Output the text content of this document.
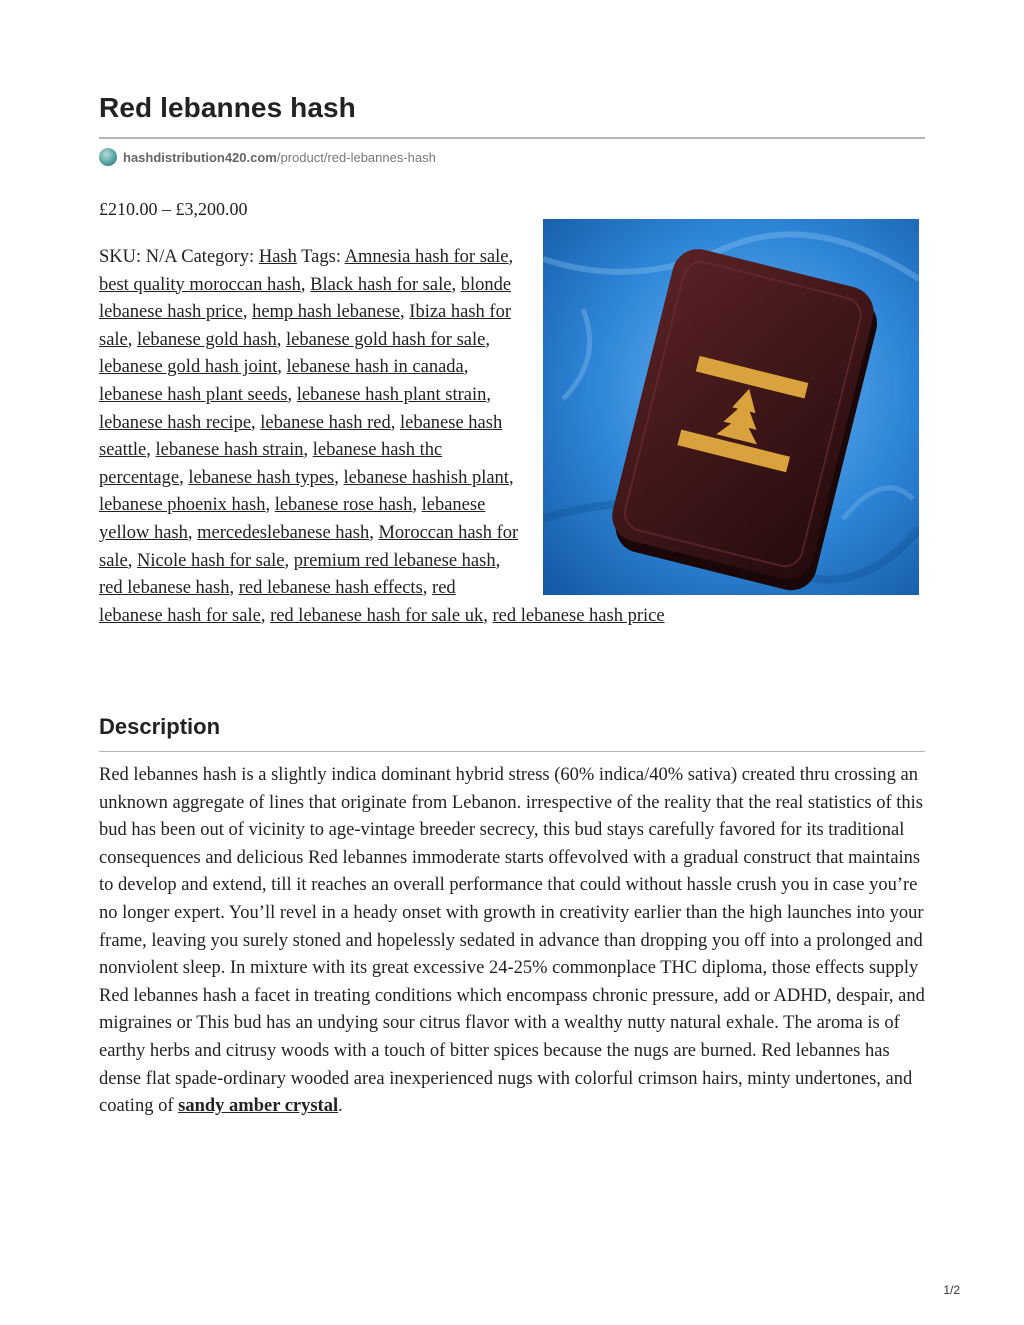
Red lebannes hash
hashdistribution420.com /product/red-lebannes-hash
£210.00 – £3,200.00
SKU: N/A Category: Hash Tags: Amnesia hash for sale, best quality moroccan hash, Black hash for sale, blonde lebanese hash price, hemp hash lebanese, Ibiza hash for sale, lebanese gold hash, lebanese gold hash for sale, lebanese gold hash joint, lebanese hash in canada, lebanese hash plant seeds, lebanese hash plant strain, lebanese hash recipe, lebanese hash red, lebanese hash seattle, lebanese hash strain, lebanese hash thc percentage, lebanese hash types, lebanese hashish plant, lebanese phoenix hash, lebanese rose hash, lebanese yellow hash, mercedeslebanese hash, Moroccan hash for sale, Nicole hash for sale, premium red lebanese hash, red lebanese hash, red lebanese hash effects, red lebanese hash for sale, red lebanese hash for sale uk, red lebanese hash price
Description

Red lebannes hash is a slightly indica dominant hybrid stress (60% indica/40% sativa) created thru crossing an unknown aggregate of lines that originate from Lebanon. irrespective of the reality that the real statistics of this bud has been out of vicinity to age-vintage breeder secrecy, this bud stays carefully favored for its traditional consequences and delicious Red lebannes immoderate starts offevolved with a gradual construct that maintains to develop and extend, till it reaches an overall performance that could without hassle crush you in case you’re no longer expert. You’ll revel in a heady onset with growth in creativity earlier than the high launches into your frame, leaving you surely stoned and hopelessly sedated in advance than dropping you off into a prolonged and nonviolent sleep. In mixture with its great excessive 24-25% commonplace THC diploma, those effects supply Red lebannes hash a facet in treating conditions which encompass chronic pressure, add or ADHD, despair, and migraines or This bud has an undying sour citrus flavor with a wealthy nutty natural exhale. The aroma is of earthy herbs and citrusy woods with a touch of bitter spices because the nugs are burned. Red lebannes has dense flat spade-ordinary wooded area inexperienced nugs with colorful crimson hairs, minty undertones, and coating of sandy amber crystal.

1/2
